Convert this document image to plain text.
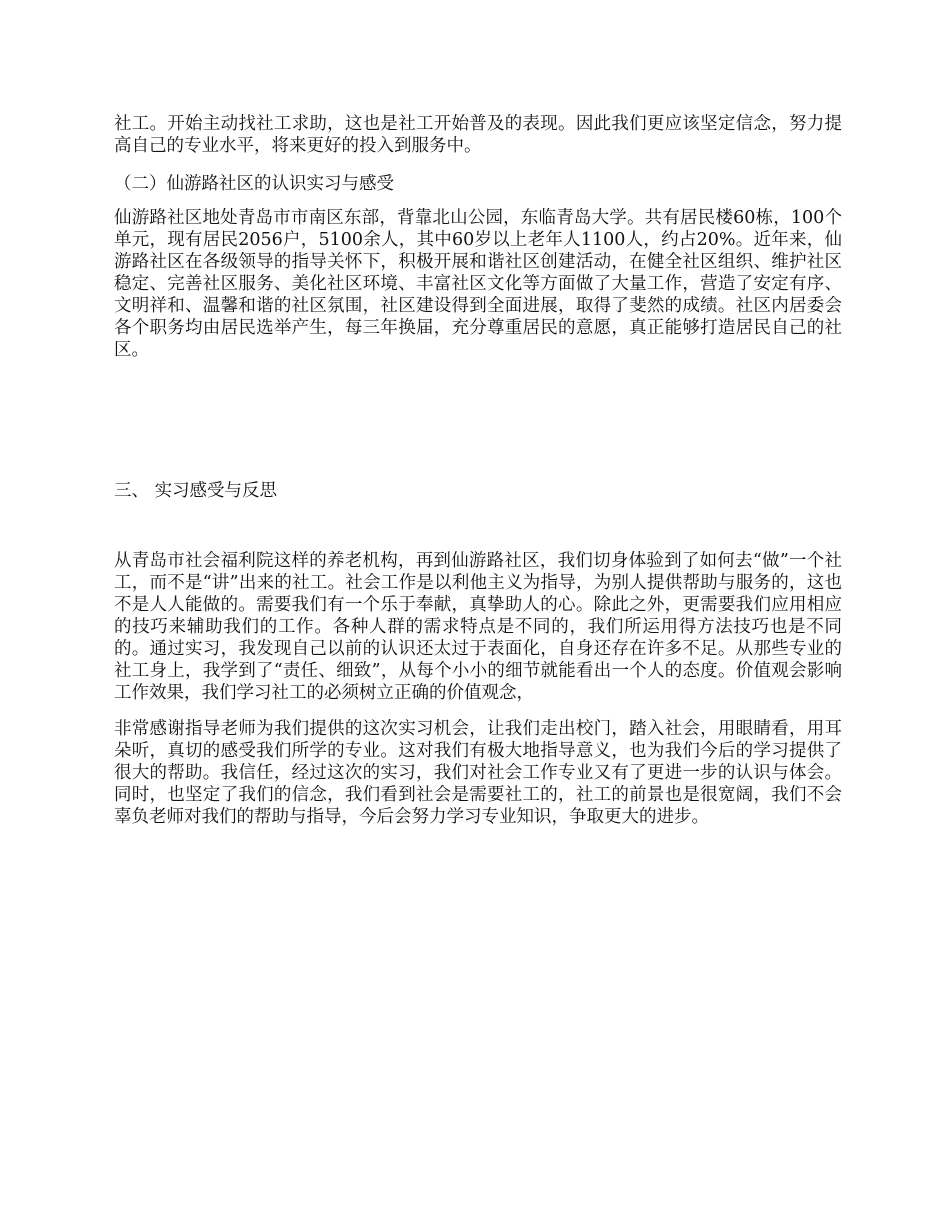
社工。开始主动找社工求助，这也是社工开始普及的表现。因此我们更应该坚定信念，努力提高自己的专业水平，将来更好的投入到服务中。

（二）仙游路社区的认识实习与感受

仙游路社区地处青岛市市南区东部，背靠北山公园，东临青岛大学。共有居民楼60栋，100个单元，现有居民2056户，5100余人，其中60岁以上老年人1100人，约占20%。近年来，仙游路社区在各级领导的指导关怀下，积极开展和谐社区创建活动，在健全社区组织、维护社区稳定、完善社区服务、美化社区环境、丰富社区文化等方面做了大量工作，营造了安定有序、文明祥和、温馨和谐的社区氛围，社区建设得到全面进展，取得了斐然的成绩。社区内居委会各个职务均由居民选举产生，每三年换届，充分尊重居民的意愿，真正能够打造居民自己的社区。

三、 实习感受与反思

从青岛市社会福利院这样的养老机构，再到仙游路社区，我们切身体验到了如何去“做”一个社工，而不是“讲”出来的社工。社会工作是以利他主义为指导，为别人提供帮助与服务的，这也不是人人能做的。需要我们有一个乐于奉献，真挚助人的心。除此之外，更需要我们应用相应的技巧来辅助我们的工作。各种人群的需求特点是不同的，我们所运用得方法技巧也是不同的。通过实习，我发现自己以前的认识还太过于表面化，自身还存在许多不足。从那些专业的社工身上，我学到了“责任、细致”，从每个小小的细节就能看出一个人的态度。价值观会影响工作效果，我们学习社工的必须树立正确的价值观念，

非常感谢指导老师为我们提供的这次实习机会，让我们走出校门，踏入社会，用眼睛看，用耳朵听，真切的感受我们所学的专业。这对我们有极大地指导意义，也为我们今后的学习提供了很大的帮助。我信任，经过这次的实习，我们对社会工作专业又有了更进一步的认识与体会。同时，也坚定了我们的信念，我们看到社会是需要社工的，社工的前景也是很宽阔，我们不会辜负老师对我们的帮助与指导，今后会努力学习专业知识，争取更大的进步。
